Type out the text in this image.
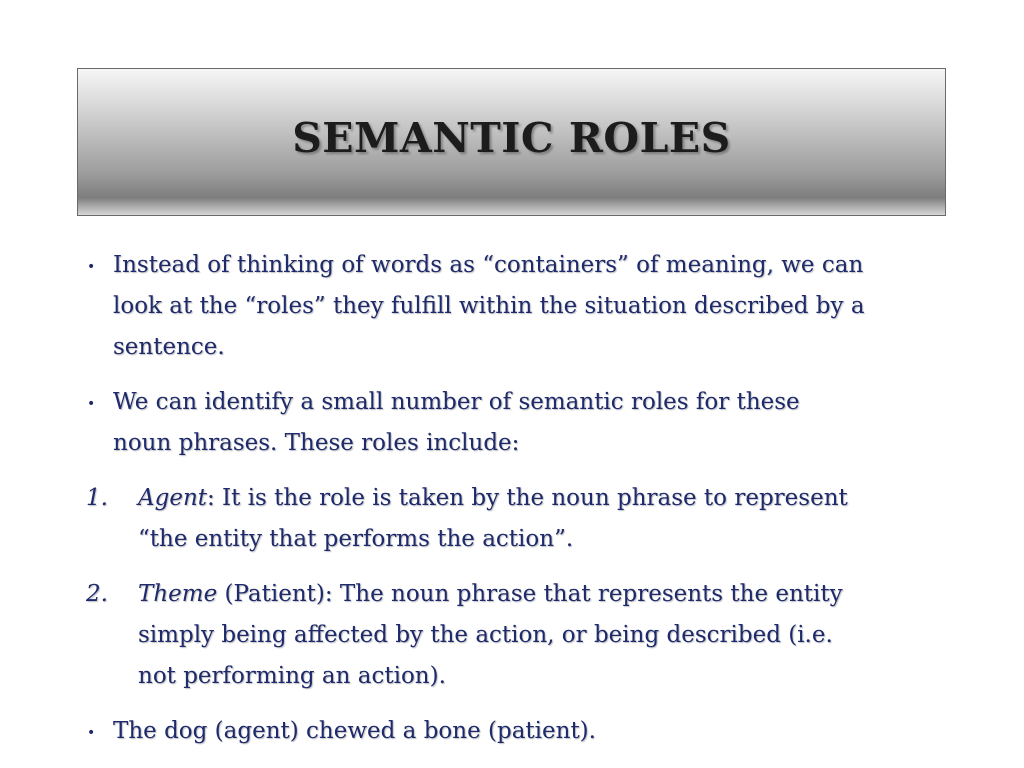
SEMANTIC ROLES
• Instead of thinking of words as “containers” of meaning, we can
look at the “roles” they fulfill within the situation described by a
sentence.
• We can identify a small number of semantic roles for these
noun phrases. These roles include:
1. Agent: It is the role is taken by the noun phrase to represent
“the entity that performs the action”.
2. Theme (Patient): The noun phrase that represents the entity
simply being affected by the action, or being described (i.e.
not performing an action).
• The dog (agent) chewed a bone (patient).
